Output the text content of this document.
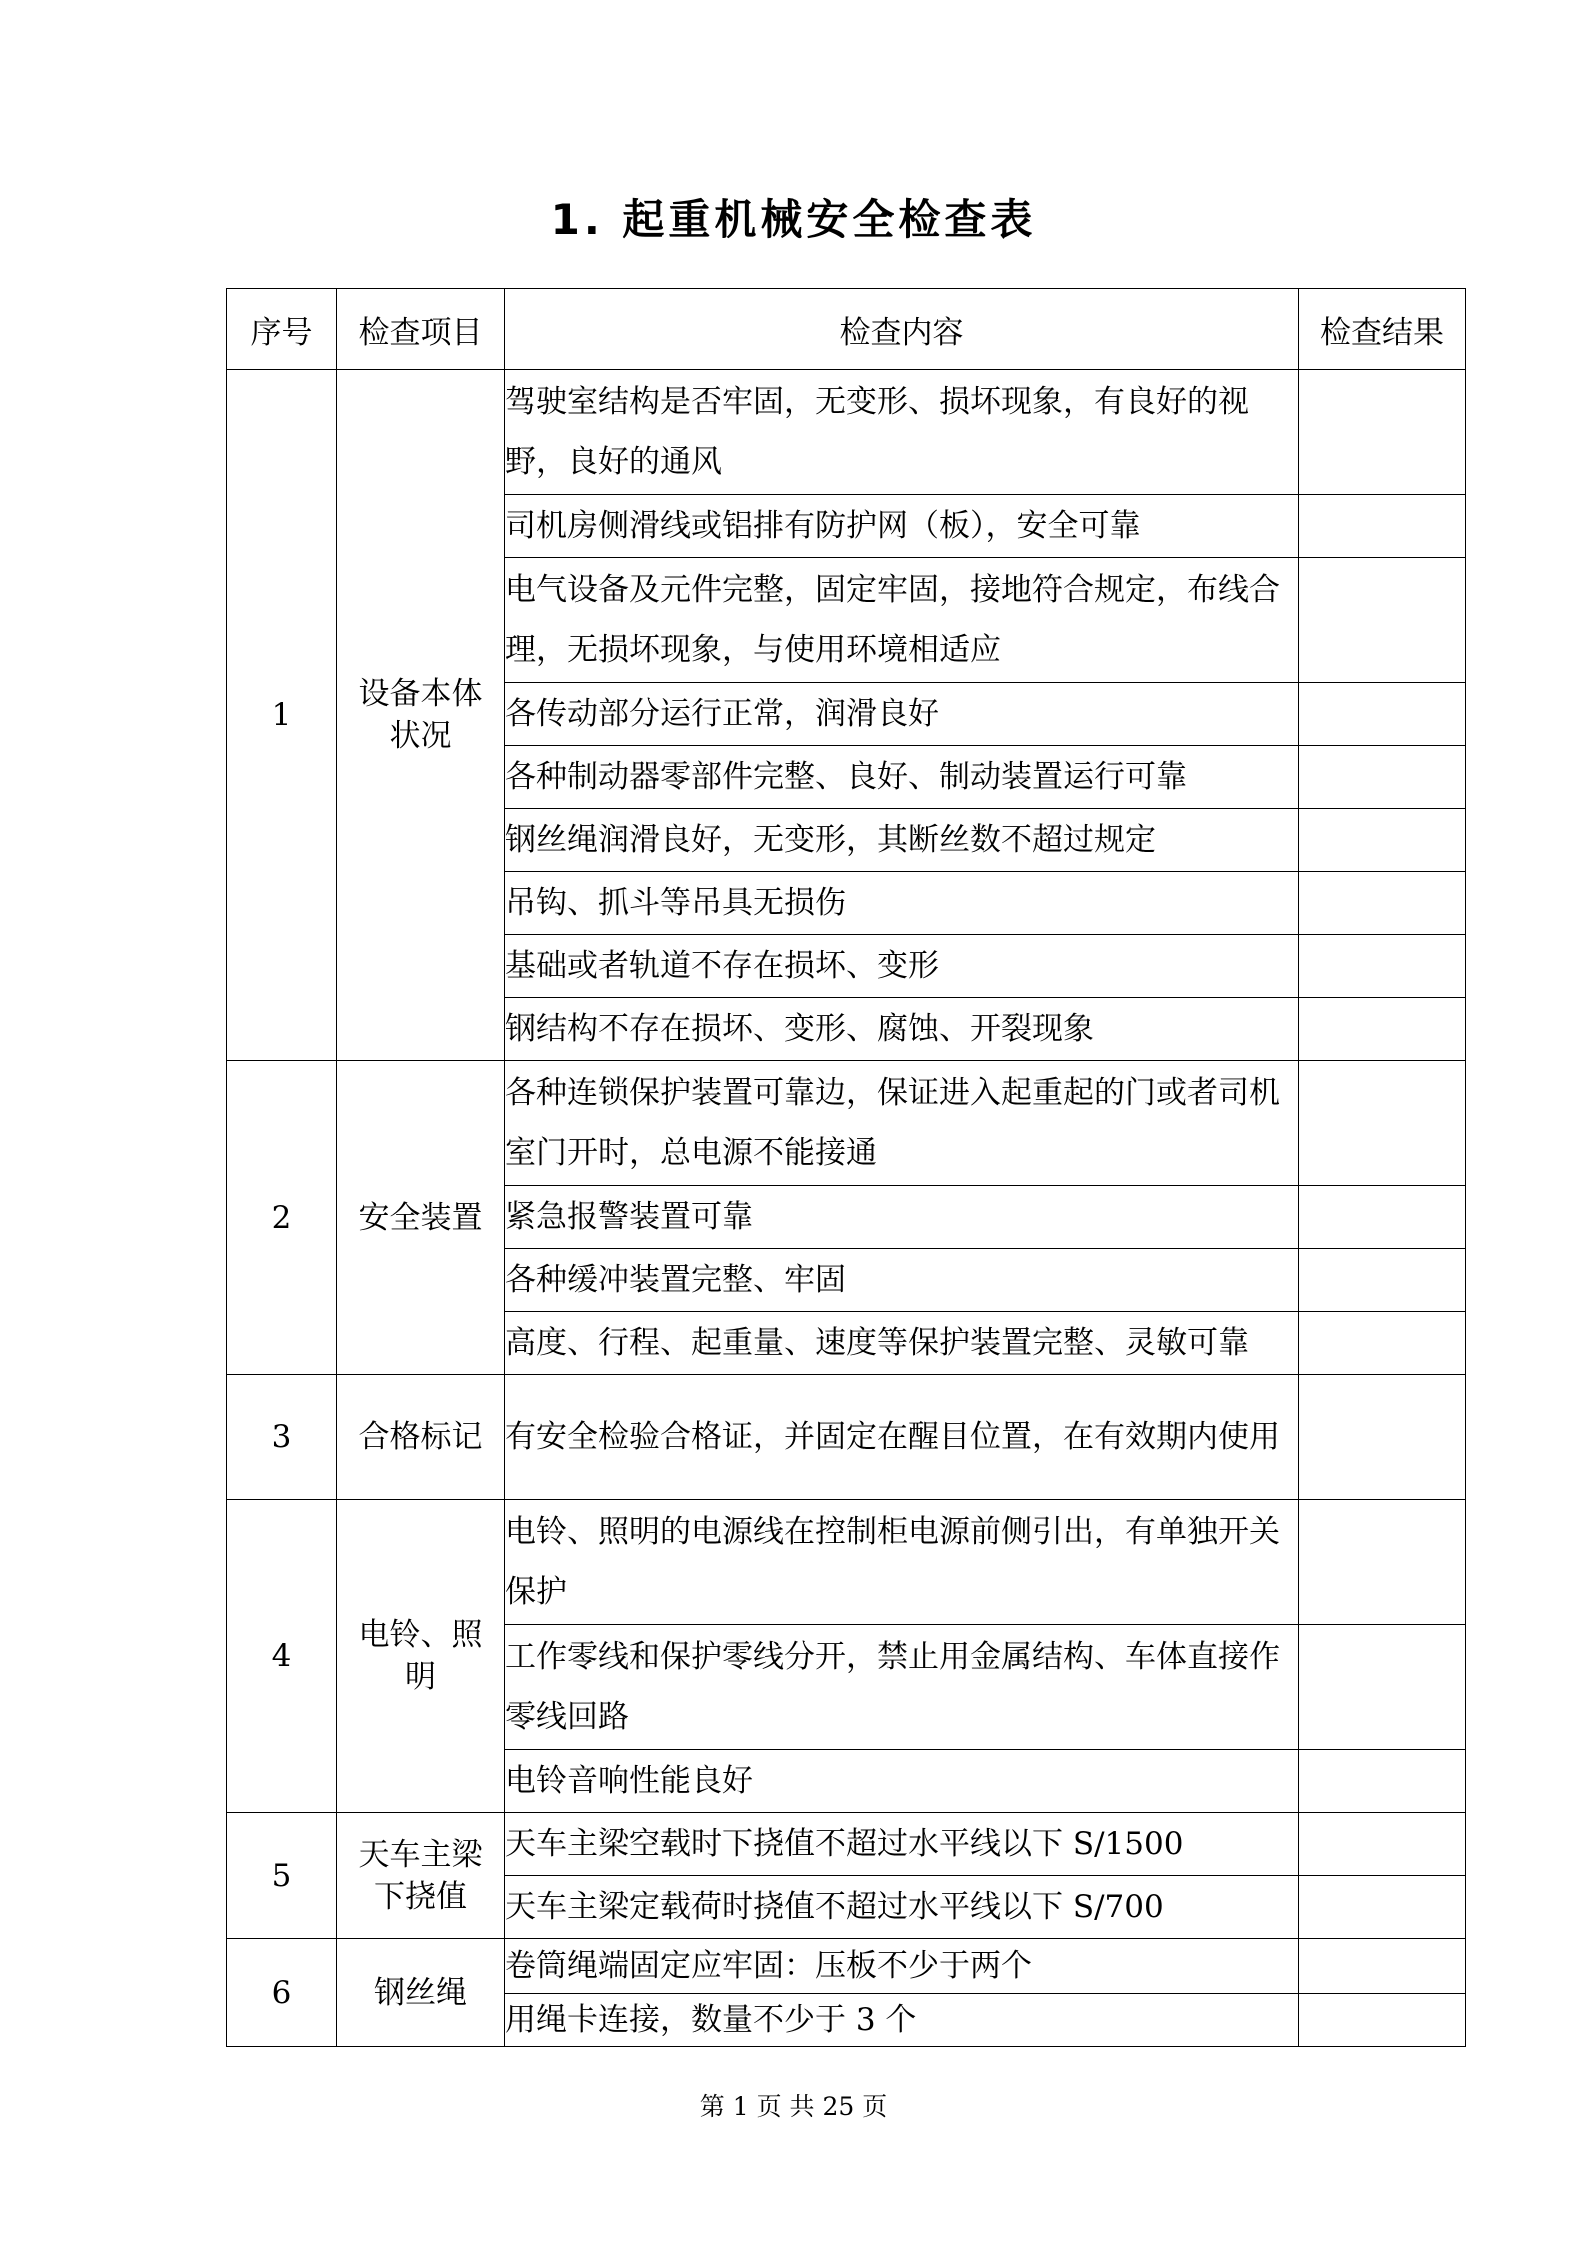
1. 起重机械安全检查表
序号	检查项目	检查内容	检查结果
1	设备本体状况	驾驶室结构是否牢固，无变形、损坏现象，有良好的视野，良好的通风	
		司机房侧滑线或铝排有防护网（板），安全可靠	
		电气设备及元件完整，固定牢固，接地符合规定，布线合理，无损坏现象，与使用环境相适应	
		各传动部分运行正常，润滑良好	
		各种制动器零部件完整、良好、制动装置运行可靠	
		钢丝绳润滑良好，无变形，其断丝数不超过规定	
		吊钩、抓斗等吊具无损伤	
		基础或者轨道不存在损坏、变形	
		钢结构不存在损坏、变形、腐蚀、开裂现象	
2	安全装置	各种连锁保护装置可靠边，保证进入起重起的门或者司机室门开时，总电源不能接通	
		紧急报警装置可靠	
		各种缓冲装置完整、牢固	
		高度、行程、起重量、速度等保护装置完整、灵敏可靠	
3	合格标记	有安全检验合格证，并固定在醒目位置，在有效期内使用	
4	电铃、照明	电铃、照明的电源线在控制柜电源前侧引出，有单独开关保护	
		工作零线和保护零线分开，禁止用金属结构、车体直接作零线回路	
		电铃音响性能良好	
5	天车主梁下挠值	天车主梁空载时下挠值不超过水平线以下 S/1500	
		天车主梁定载荷时挠值不超过水平线以下 S/700	
6	钢丝绳	卷筒绳端固定应牢固：压板不少于两个	
		用绳卡连接，数量不少于 3 个	
第 1 页 共 25 页
